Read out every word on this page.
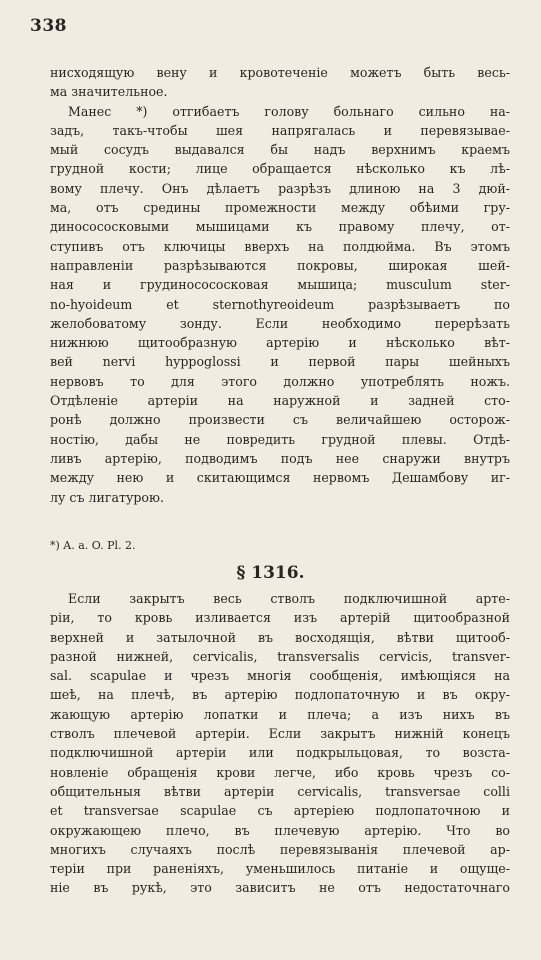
338
нисходящую вену и кровотеченіе можетъ быть весь-
ма значительное.
Манес *) отгибаетъ голову больнаго сильно на-
задъ, такъ-чтобы шея напрягалась и перевязывае-
мый сосудъ выдавался бы надъ верхнимъ краемъ
грудной кости; лице обращается нѣсколько къ лѣ-
вому плечу. Онъ дѣлаетъ разрѣзъ длиною на 3 дюй-
ма, отъ средины промежности между обѣими гру-
диносососковыми мышицами къ правому плечу, от-
ступивъ отъ ключицы вверхъ на полдюйма. Въ этомъ
направленіи разрѣзываются покровы, широкая шей-
ная и грудиносососковая мышица; musculum ster-
no-hyoideum et sternothyreoideum разрѣзываетъ по
желобоватому зонду. Если необходимо перерѣзать
нижнюю щитообразную артерію и нѣсколько вѣт-
вей nervi hyppoglossi и первой пары шейныхъ
нервовъ то для этого должно употреблять ножъ.
Отдѣленіе артеріи на наружной и задней сто-
ронѣ должно произвести съ величайшею осторож-
ностію, дабы не повредить грудной плевы. Отдѣ-
ливъ артерію, подводимъ подъ нее снаружи внутръ
между нею и скитающимся нервомъ Дешамбову иг-
лу съ лигатурою.
*) A. a. O. Pl. 2.
§ 1316.
Если закрытъ весь стволъ подключишной арте-
ріи, то кровь изливается изъ артерій щитообразной
верхней и затылочной въ восходящія, вѣтви щитооб-
разной нижней, cervicalis, transversalis cervicis, transver-
sal. scapulae и чрезъ многія сообщенія, имѣющіяся на
шеѣ, на плечѣ, въ артерію подлопаточную и въ окру-
жающую артерію лопатки и плеча; а изъ нихъ въ
стволъ плечевой артеріи. Если закрытъ нижній конецъ
подключишной артеріи или подкрыльцовая, то возста-
новленіе обращенія крови легче, ибо кровь чрезъ со-
общительныя вѣтви артеріи cervicalis, transversae colli
et transversae scapulae съ артеріею подлопаточною и
окружающею плечо, въ плечевую артерію. Что во
многихъ случаяхъ послѣ перевязыванія плечевой ар-
теріи при раненіяхъ, уменьшилось питаніе и ощуще-
ніе въ рукѣ, это зависитъ не отъ недостаточнаго
